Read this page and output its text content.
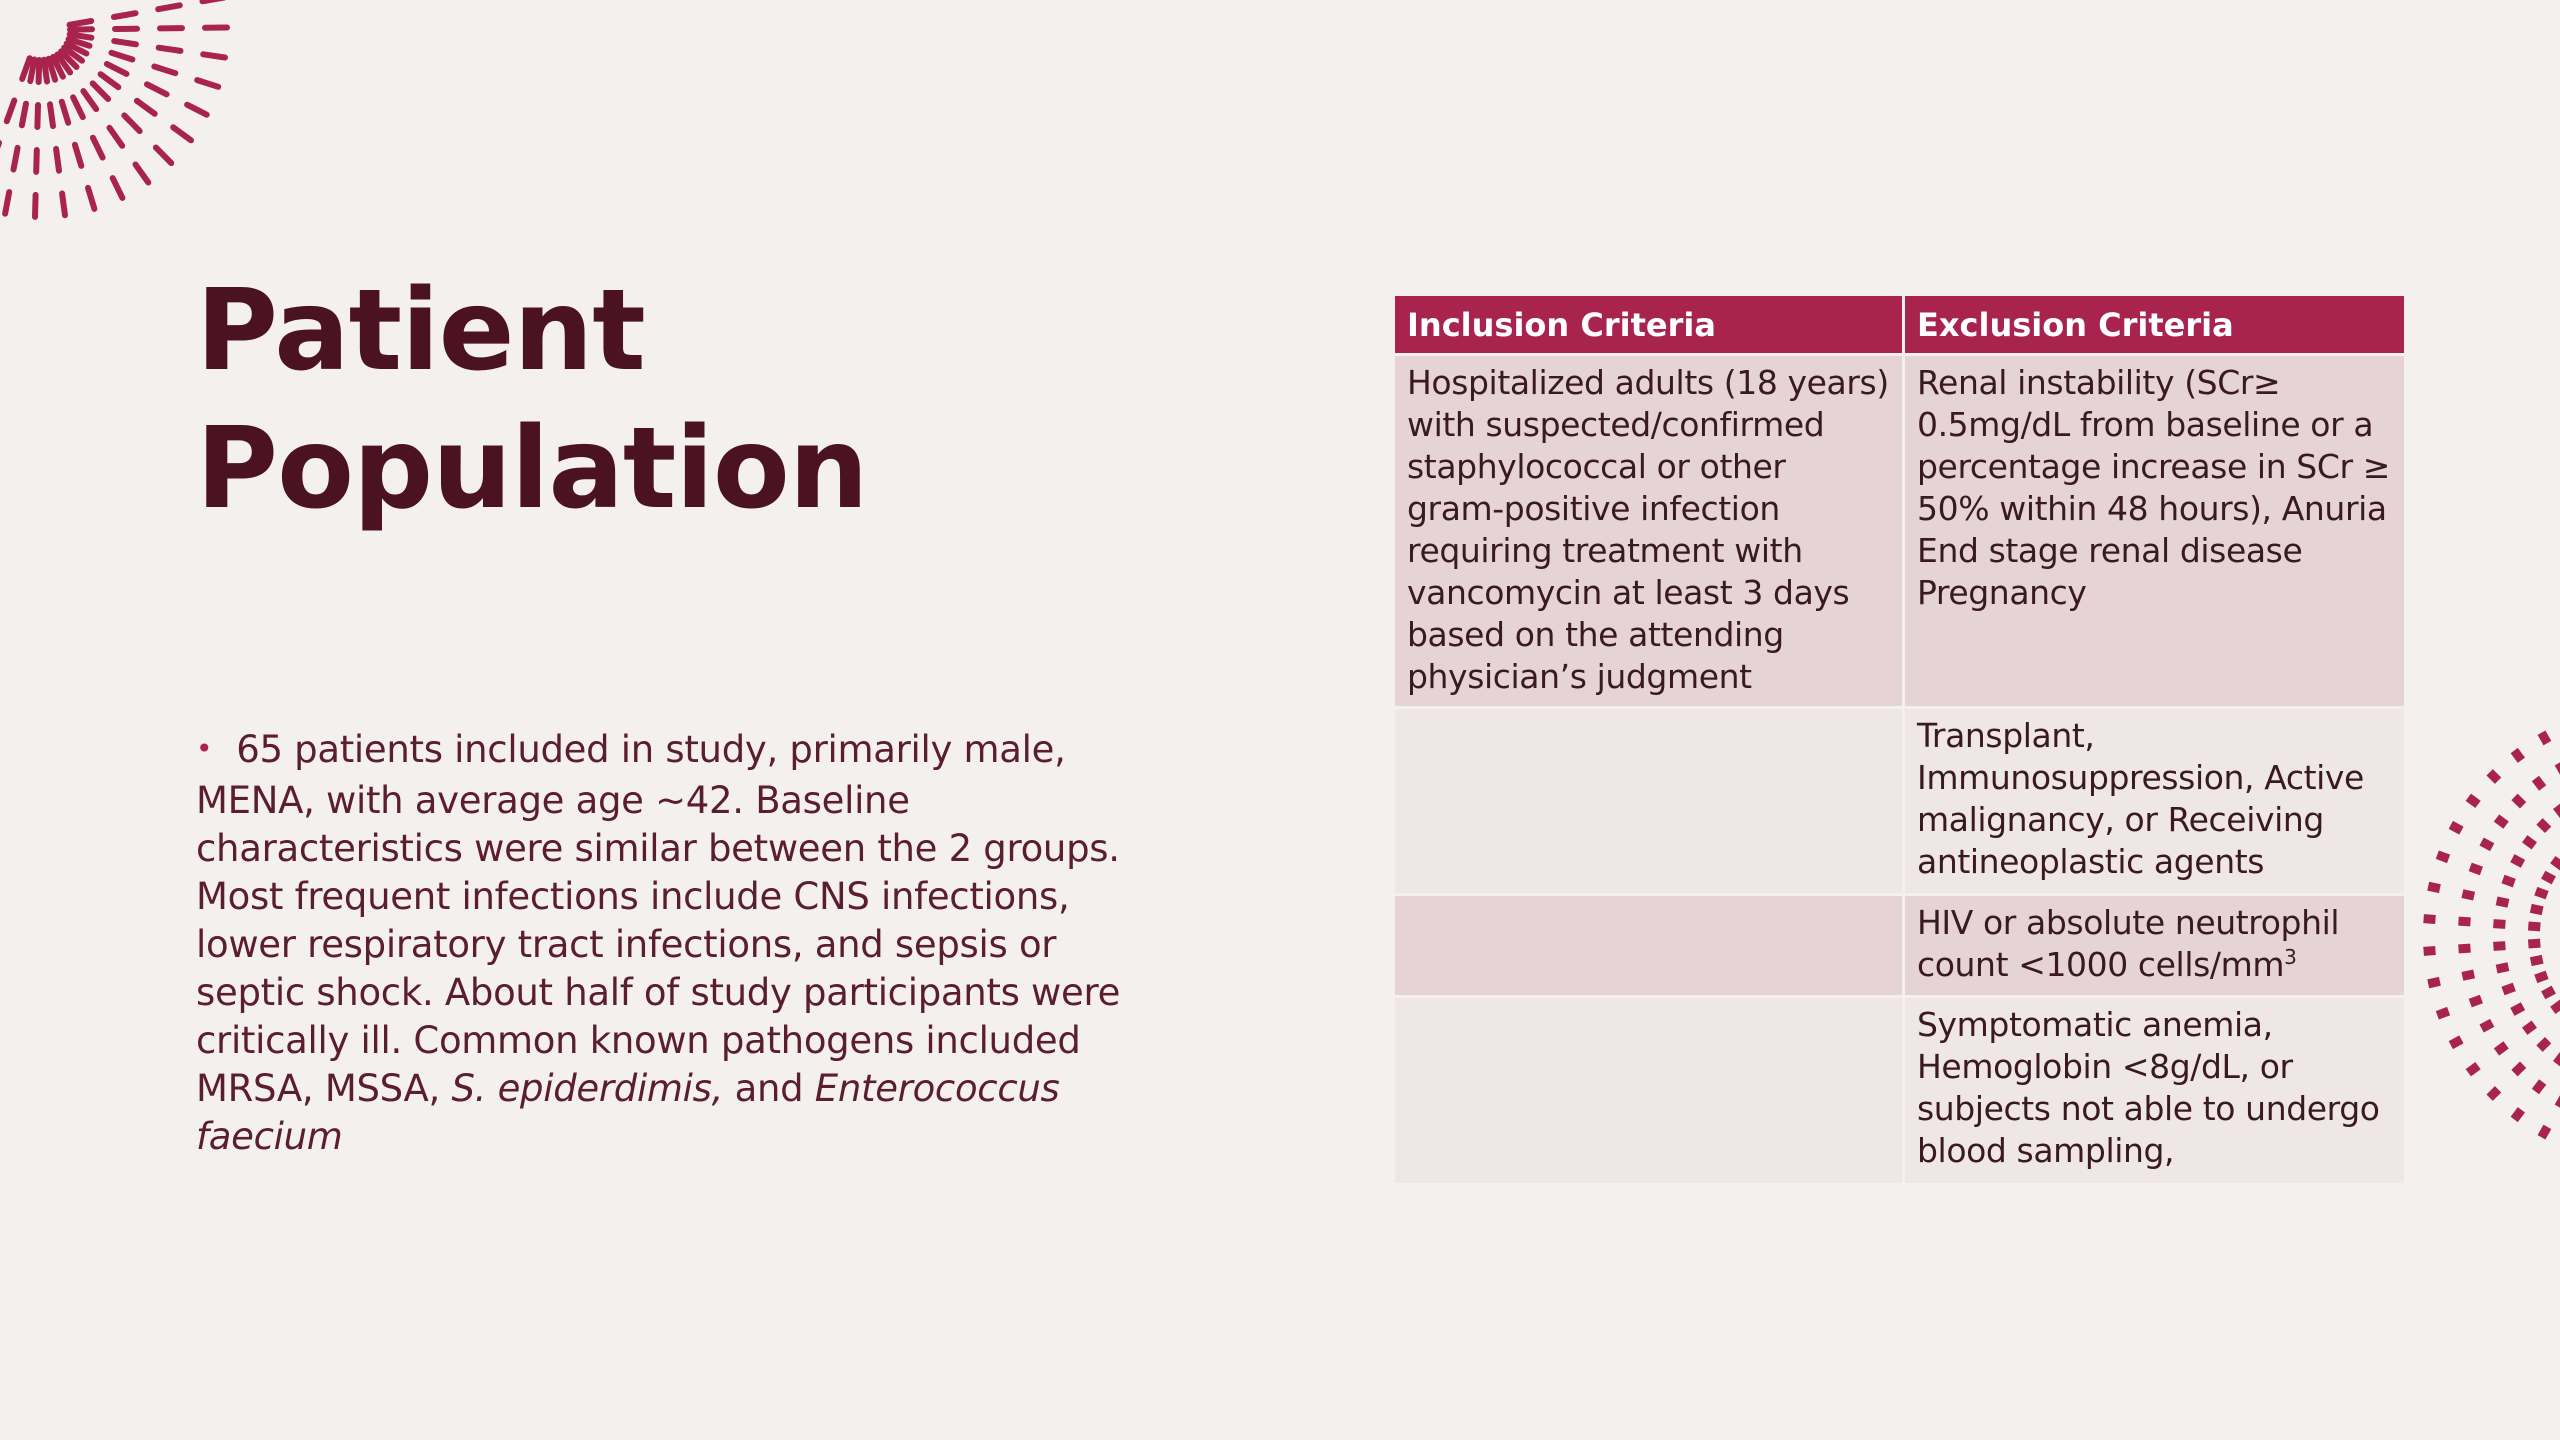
Patient
Population

• 65 patients included in study, primarily male, MENA, with average age ~42. Baseline characteristics were similar between the 2 groups. Most frequent infections include CNS infections, lower respiratory tract infections, and sepsis or septic shock. About half of study participants were critically ill. Common known pathogens included MRSA, MSSA, S. epiderdimis, and Enterococcus faecium

Inclusion Criteria	Exclusion Criteria
Hospitalized adults (18 years) with suspected/confirmed staphylococcal or other gram-positive infection requiring treatment with vancomycin at least 3 days based on the attending physician’s judgment	Renal instability (SCr≥ 0.5mg/dL from baseline or a percentage increase in SCr ≥ 50% within 48 hours), Anuria End stage renal disease Pregnancy
	Transplant, Immunosuppression, Active malignancy, or Receiving antineoplastic agents
	HIV or absolute neutrophil count <1000 cells/$mm^3$
	Symptomatic anemia, Hemoglobin <8g/dL, or subjects not able to undergo blood sampling,
